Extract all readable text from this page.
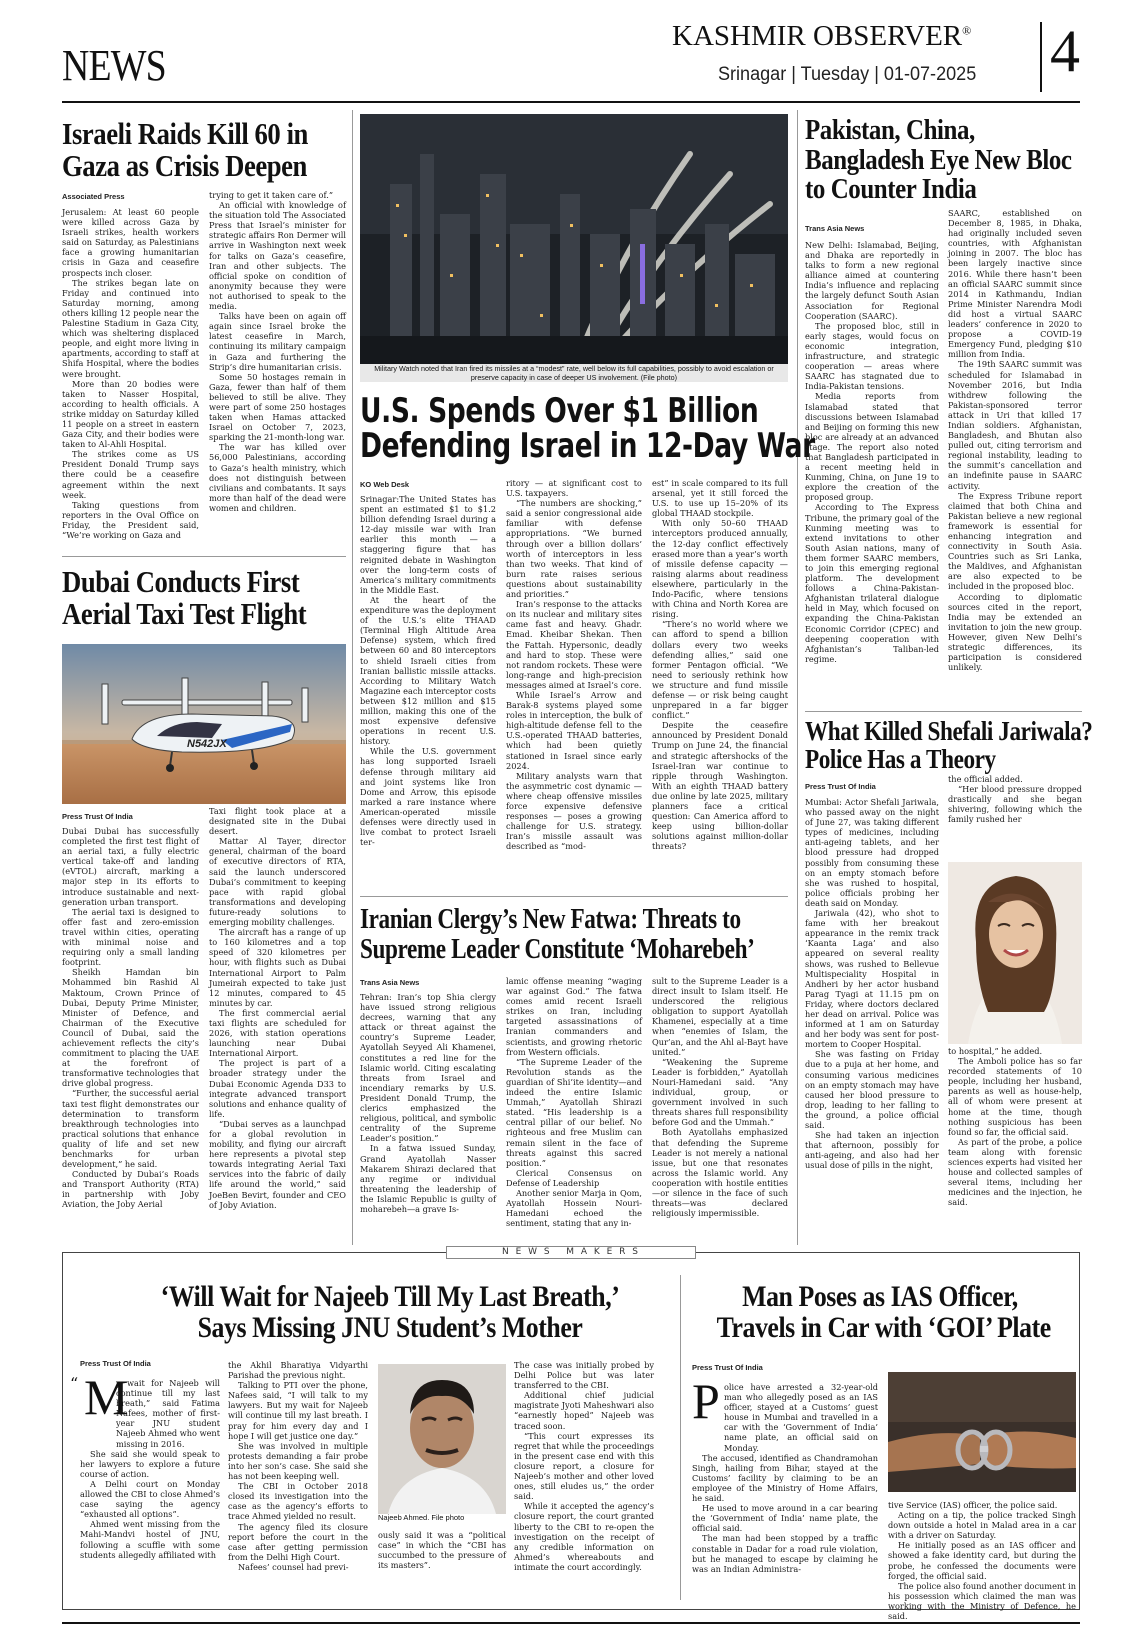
NEWS
KASHMIR OBSERVER®
Srinagar | Tuesday | 01-07-2025 4
Israeli Raids Kill 60 in
Gaza as Crisis Deepen
Associated Press

Jerusalem: At least 60 people were killed across Gaza by Israeli strikes, health workers said on Saturday, as Palestinians face a growing humanitarian crisis in Gaza and ceasefire prospects inch closer.

The strikes began late on Friday and continued into Saturday morning, among others killing 12 people near the Palestine Stadium in Gaza City, which was sheltering displaced people, and eight more living in apartments, according to staff at Shifa Hospital, where the bodies were brought.

More than 20 bodies were taken to Nasser Hospital, according to health officials. A strike midday on Saturday killed 11 people on a street in eastern Gaza City, and their bodies were taken to Al-Ahli Hospital.

The strikes come as US President Donald Trump says there could be a ceasefire agreement within the next week.

Taking questions from reporters in the Oval Office on Friday, the President said, “We’re working on Gaza and

trying to get it taken care of.”

An official with knowledge of the situation told The Associated Press that Israel’s minister for strategic affairs Ron Dermer will arrive in Washington next week for talks on Gaza’s ceasefire, Iran and other subjects. The official spoke on condition of anonymity because they were not authorised to speak to the media.

Talks have been on again off again since Israel broke the latest ceasefire in March, continuing its military campaign in Gaza and furthering the Strip’s dire humanitarian crisis.

Some 50 hostages remain in Gaza, fewer than half of them believed to still be alive. They were part of some 250 hostages taken when Hamas attacked Israel on October 7, 2023, sparking the 21-month-long war.

The war has killed over 56,000 Palestinians, according to Gaza’s health ministry, which does not distinguish between civilians and combatants. It says more than half of the dead were women and children.

Dubai Conducts First
Aerial Taxi Test Flight
N542JX
Press Trust Of India

Dubai Dubai has successfully completed the first test flight of an aerial taxi, a fully electric vertical take-off and landing (eVTOL) aircraft, marking a major step in its efforts to introduce sustainable and next-generation urban transport.

The aerial taxi is designed to offer fast and zero-emission travel within cities, operating with minimal noise and requiring only a small landing footprint.

Sheikh Hamdan bin Mohammed bin Rashid Al Maktoum, Crown Prince of Dubai, Deputy Prime Minister, Minister of Defence, and Chairman of the Executive Council of Dubai, said the achievement reflects the city’s commitment to placing the UAE at the forefront of transformative technologies that drive global progress.

“Further, the successful aerial taxi test flight demonstrates our determination to transform breakthrough technologies into practical solutions that enhance quality of life and set new benchmarks for urban development,” he said.

Conducted by Dubai’s Roads and Transport Authority (RTA) in partnership with Joby Aviation, the Joby Aerial

Taxi flight took place at a designated site in the Dubai desert.

Mattar Al Tayer, director general, chairman of the board of executive directors of RTA, said the launch underscored Dubai’s commitment to keeping pace with rapid global transformations and developing future-ready solutions to emerging mobility challenges.

The aircraft has a range of up to 160 kilometres and a top speed of 320 kilometres per hour, with flights such as Dubai International Airport to Palm Jumeirah expected to take just 12 minutes, compared to 45 minutes by car.

The first commercial aerial taxi flights are scheduled for 2026, with station operations launching near Dubai International Airport.

The project is part of a broader strategy under the Dubai Economic Agenda D33 to integrate advanced transport solutions and enhance quality of life.

“Dubai serves as a launchpad for a global revolution in mobility, and flying our aircraft here represents a pivotal step towards integrating Aerial Taxi services into the fabric of daily life around the world,” said JoeBen Bevirt, founder and CEO of Joby Aviation.

Military Watch noted that Iran fired its missiles at a “modest” rate, well below its full capabilities, possibly to avoid escalation or preserve capacity in case of deeper US involvement. (File photo)
U.S. Spends Over $1 Billion
Defending Israel in 12-Day War
KO Web Desk

Srinagar:The United States has spent an estimated $1 to $1.2 billion defending Israel during a 12-day missile war with Iran earlier this month — a staggering figure that has reignited debate in Washington over the long-term costs of America’s military commitments in the Middle East.

At the heart of the expenditure was the deployment of the U.S.’s elite THAAD (Terminal High Altitude Area Defense) system, which fired between 60 and 80 interceptors to shield Israeli cities from Iranian ballistic missile attacks. According to Military Watch Magazine each interceptor costs between $12 million and $15 million, making this one of the most expensive defensive operations in recent U.S. history.

While the U.S. government has long supported Israeli defense through military aid and joint systems like Iron Dome and Arrow, this episode marked a rare instance where American-operated missile defenses were directly used in live combat to protect Israeli ter-

ritory — at significant cost to U.S. taxpayers.

“The numbers are shocking,” said a senior congressional aide familiar with defense appropriations. “We burned through over a billion dollars’ worth of interceptors in less than two weeks. That kind of burn rate raises serious questions about sustainability and priorities.”

Iran’s response to the attacks on its nuclear and military sites came fast and heavy. Ghadr. Emad. Kheibar Shekan. Then the Fattah. Hypersonic, deadly and hard to stop. These were not random rockets. These were long-range and high-precision messages aimed at Israel’s core.

While Israel’s Arrow and Barak-8 systems played some roles in interception, the bulk of high-altitude defense fell to the U.S.-operated THAAD batteries, which had been quietly stationed in Israel since early 2024.

Military analysts warn that the asymmetric cost dynamic — where cheap offensive missiles force expensive defensive responses — poses a growing challenge for U.S. strategy. Iran’s missile assault was described as “mod-

est” in scale compared to its full arsenal, yet it still forced the U.S. to use up 15–20% of its global THAAD stockpile.

With only 50–60 THAAD interceptors produced annually, the 12-day conflict effectively erased more than a year’s worth of missile defense capacity — raising alarms about readiness elsewhere, particularly in the Indo-Pacific, where tensions with China and North Korea are rising.

“There’s no world where we can afford to spend a billion dollars every two weeks defending allies,” said one former Pentagon official. “We need to seriously rethink how we structure and fund missile defense — or risk being caught unprepared in a far bigger conflict.”

Despite the ceasefire announced by President Donald Trump on June 24, the financial and strategic aftershocks of the Israel-Iran war continue to ripple through Washington. With an eighth THAAD battery due online by late 2025, military planners face a critical question: Can America afford to keep using billion-dollar solutions against million-dollar threats?

Iranian Clergy’s New Fatwa: Threats to
Supreme Leader Constitute ‘Moharebeh’
Trans Asia News

Tehran: Iran’s top Shia clergy have issued strong religious decrees, warning that any attack or threat against the country’s Supreme Leader, Ayatollah Seyyed Ali Khamenei, constitutes a red line for the Islamic world. Citing escalating threats from Israel and incendiary remarks by U.S. President Donald Trump, the clerics emphasized the religious, political, and symbolic centrality of the Supreme Leader’s position.”

In a fatwa issued Sunday, Grand Ayatollah Nasser Makarem Shirazi declared that any regime or individual threatening the leadership of the Islamic Republic is guilty of moharebeh—a grave Is-

lamic offense meaning “waging war against God.” The fatwa comes amid recent Israeli strikes on Iran, including targeted assassinations of Iranian commanders and scientists, and growing rhetoric from Western officials.

“The Supreme Leader of the Revolution stands as the guardian of Shi’ite identity—and indeed the entire Islamic Ummah,” Ayatollah Shirazi stated. “His leadership is a central pillar of our belief. No righteous and free Muslim can remain silent in the face of threats against this sacred position.”

Clerical Consensus on Defense of Leadership

Another senior Marja in Qom, Ayatollah Hossein Nouri-Hamedani echoed the sentiment, stating that any in-

sult to the Supreme Leader is a direct insult to Islam itself. He underscored the religious obligation to support Ayatollah Khamenei, especially at a time when “enemies of Islam, the Qur’an, and the Ahl al-Bayt have united.”

“Weakening the Supreme Leader is forbidden,” Ayatollah Nouri-Hamedani said. “Any individual, group, or government involved in such threats shares full responsibility before God and the Ummah.”

Both Ayatollahs emphasized that defending the Supreme Leader is not merely a national issue, but one that resonates across the Islamic world. Any cooperation with hostile entities—or silence in the face of such threats—was declared religiously impermissible.

Pakistan, China,
Bangladesh Eye New Bloc
to Counter India
Trans Asia News

New Delhi: Islamabad, Beijing, and Dhaka are reportedly in talks to form a new regional alliance aimed at countering India’s influence and replacing the largely defunct South Asian Association for Regional Cooperation (SAARC).

The proposed bloc, still in early stages, would focus on economic integration, infrastructure, and strategic cooperation — areas where SAARC has stagnated due to India-Pakistan tensions.

Media reports from Islamabad stated that discussions between Islamabad and Beijing on forming this new bloc are already at an advanced stage. The report also noted that Bangladesh participated in a recent meeting held in Kunming, China, on June 19 to explore the creation of the proposed group.

According to The Express Tribune, the primary goal of the Kunming meeting was to extend invitations to other South Asian nations, many of them former SAARC members, to join this emerging regional platform. The development follows a China-Pakistan-Afghanistan trilateral dialogue held in May, which focused on expanding the China-Pakistan Economic Corridor (CPEC) and deepening cooperation with Afghanistan’s Taliban-led regime.

SAARC, established on December 8, 1985, in Dhaka, had originally included seven countries, with Afghanistan joining in 2007. The bloc has been largely inactive since 2016. While there hasn’t been an official SAARC summit since 2014 in Kathmandu, Indian Prime Minister Narendra Modi did host a virtual SAARC leaders’ conference in 2020 to propose a COVID-19 Emergency Fund, pledging $10 million from India.

The 19th SAARC summit was scheduled for Islamabad in November 2016, but India withdrew following the Pakistan-sponsored terror attack in Uri that killed 17 Indian soldiers. Afghanistan, Bangladesh, and Bhutan also pulled out, citing terrorism and regional instability, leading to the summit’s cancellation and an indefinite pause in SAARC activity.

The Express Tribune report claimed that both China and Pakistan believe a new regional framework is essential for enhancing integration and connectivity in South Asia. Countries such as Sri Lanka, the Maldives, and Afghanistan are also expected to be included in the proposed bloc.

According to diplomatic sources cited in the report, India may be extended an invitation to join the new group. However, given New Delhi’s strategic differences, its participation is considered unlikely.

What Killed Shefali Jariwala?
Police Has a Theory
Press Trust Of India

the official added.

“Her blood pressure dropped drastically and she began shivering, following which the family rushed her

Mumbai: Actor Shefali Jariwala, who passed away on the night of June 27, was taking different types of medicines, including anti-ageing tablets, and her blood pressure had dropped possibly from consuming these on an empty stomach before she was rushed to hospital, police officials probing her death said on Monday.

Jariwala (42), who shot to fame with her breakout appearance in the remix track ‘Kaanta Laga’ and also appeared on several reality shows, was rushed to Bellevue Multispeciality Hospital in Andheri by her actor husband Parag Tyagi at 11.15 pm on Friday, where doctors declared her dead on arrival. Police was informed at 1 am on Saturday and her body was sent for post-mortem to Cooper Hospital.

She was fasting on Friday due to a puja at her home, and consuming various medicines on an empty stomach may have caused her blood pressure to drop, leading to her falling to the ground, a police official said.

She had taken an injection that afternoon, possibly for anti-ageing, and also had her usual dose of pills in the night,

to hospital,” he added.

The Amboli police has so far recorded statements of 10 people, including her husband, parents as well as house-help, all of whom were present at home at the time, though nothing suspicious has been found so far, the official said.

As part of the probe, a police team along with forensic sciences experts had visited her house and collected samples of several items, including her medicines and the injection, he said.

N E W S   M A K E R S
‘Will Wait for Najeeb Till My Last Breath,’
Says Missing JNU Student’s Mother
Press Trust Of India
“ M
y wait for Najeeb will continue till my last breath,” said Fatima Nafees, mother of first-year JNU student Najeeb Ahmed who went missing in 2016.

She said she would speak to her lawyers to explore a future course of action.

A Delhi court on Monday allowed the CBI to close Ahmed’s case saying the agency “exhausted all options”.

Ahmed went missing from the Mahi-Mandvi hostel of JNU, following a scuffle with some students allegedly affiliated with

the Akhil Bharatiya Vidyarthi Parishad the previous night.

Talking to PTI over the phone, Nafees said, “I will talk to my lawyers. But my wait for Najeeb will continue till my last breath. I pray for him every day and I hope I will get justice one day.”

She was involved in multiple protests demanding a fair probe into her son’s case. She said she has not been keeping well.

The CBI in October 2018 closed its investigation into the case as the agency’s efforts to trace Ahmed yielded no result.

The agency filed its closure report before the court in the case after getting permission from the Delhi High Court.

Nafees’ counsel had previ-

Najeeb Ahmed. File photo

ously said it was a “political case” in which the “CBI has succumbed to the pressure of its masters”.

The case was initially probed by Delhi Police but was later transferred to the CBI.

Additional chief judicial magistrate Jyoti Maheshwari also “earnestly hoped” Najeeb was traced soon.

“This court expresses its regret that while the proceedings in the present case end with this closure report, a closure for Najeeb’s mother and other loved ones, still eludes us,” the order said.

While it accepted the agency’s closure report, the court granted liberty to the CBI to re-open the investigation on the receipt of any credible information on Ahmed’s whereabouts and intimate the court accordingly.

Man Poses as IAS Officer,
Travels in Car with ‘GOI’ Plate
Press Trust Of India
P olice have arrested a 32-year-old man who allegedly posed as an IAS officer, stayed at a Customs’ guest house in Mumbai and travelled in a car with the ‘Government of India’ name plate, an official said on Monday.

The accused, identified as Chandramohan Singh, hailing from Bihar, stayed at the Customs’ facility by claiming to be an employee of the Ministry of Home Affairs, he said.

He used to move around in a car bearing the ‘Government of India’ name plate, the official said.

The man had been stopped by a traffic constable in Dadar for a road rule violation, but he managed to escape by claiming he was an Indian Administra-

tive Service (IAS) officer, the police said.

Acting on a tip, the police tracked Singh down outside a hotel in Malad area in a car with a driver on Saturday.

He initially posed as an IAS officer and showed a fake identity card, but during the probe, he confessed the documents were forged, the official said.

The police also found another document in his possession which claimed the man was working with the Ministry of Defence, he said.
